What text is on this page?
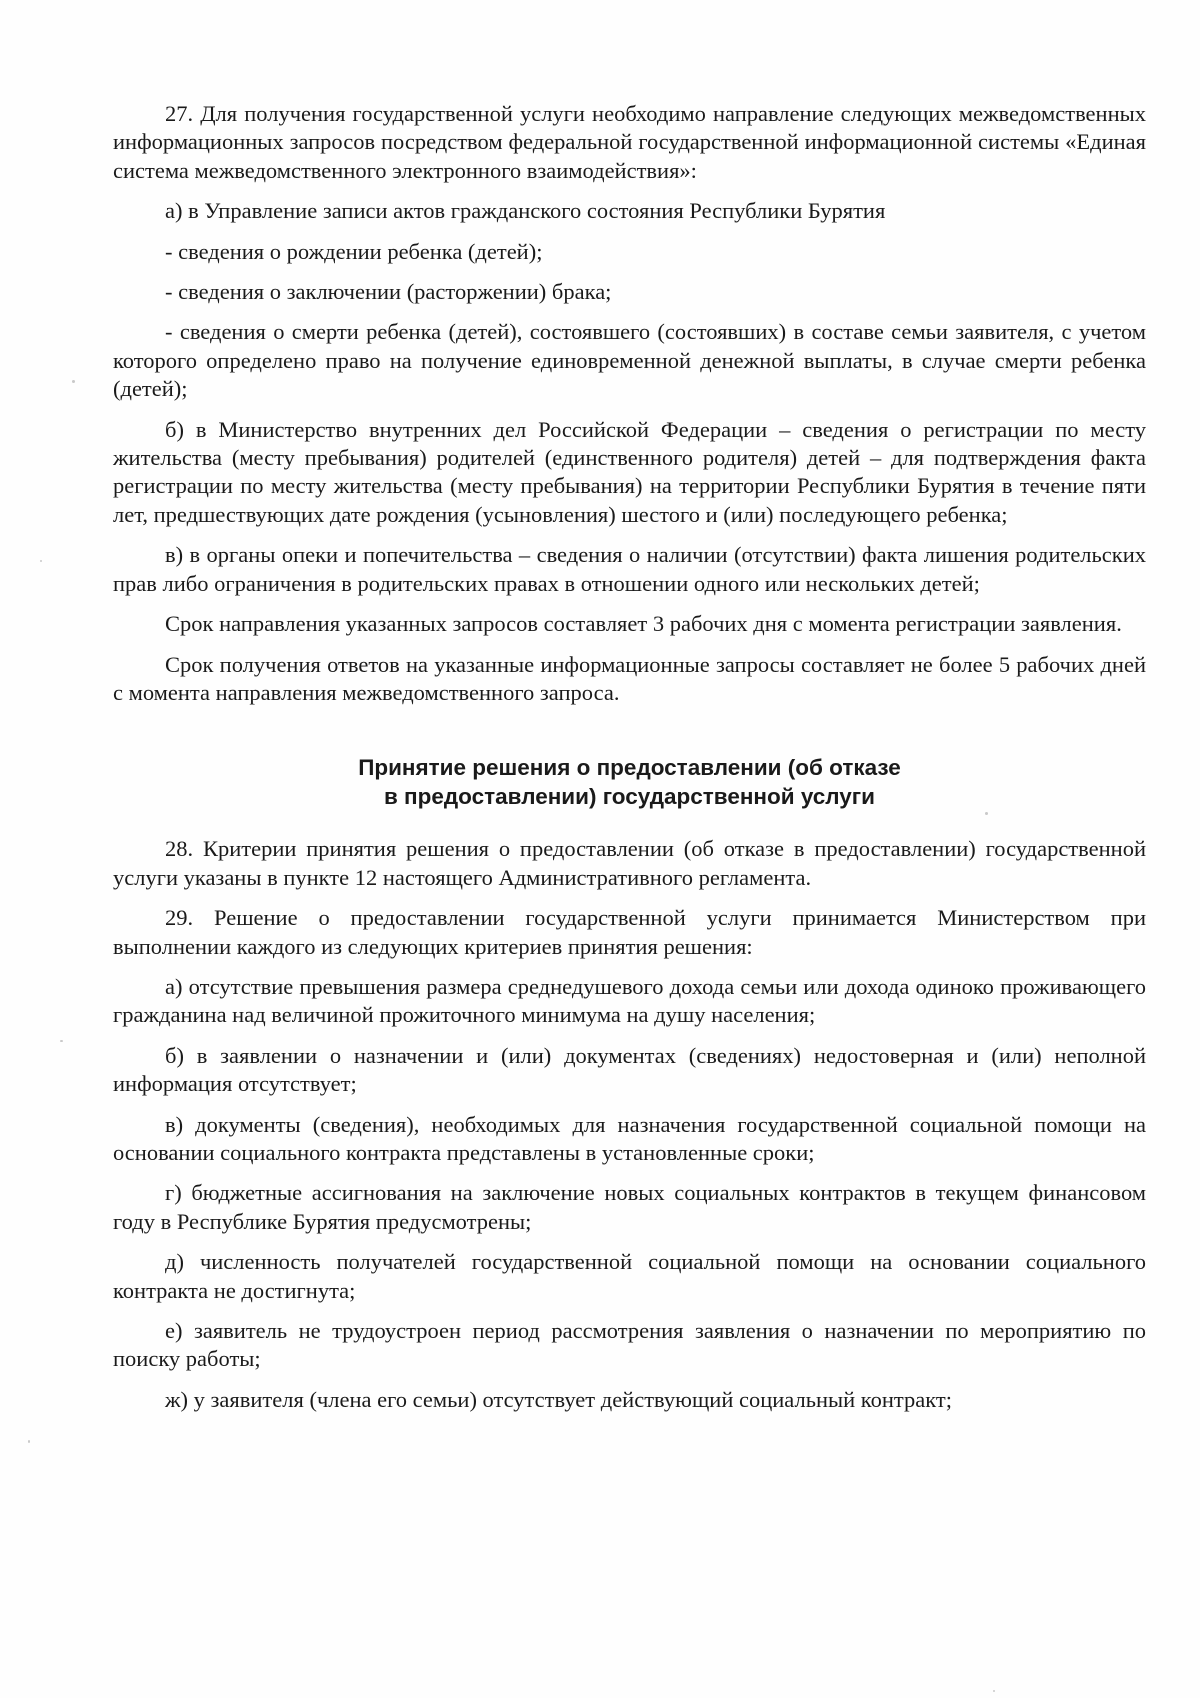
27. Для получения государственной услуги необходимо направление следующих межведомственных информационных запросов посредством федеральной государственной информационной системы «Единая система межведомственного электронного взаимодействия»:

а) в Управление записи актов гражданского состояния Республики Бурятия

- сведения о рождении ребенка (детей);

- сведения о заключении (расторжении) брака;

- сведения о смерти ребенка (детей), состоявшего (состоявших) в составе семьи заявителя, с учетом которого определено право на получение единовременной денежной выплаты, в случае смерти ребенка (детей);

б) в Министерство внутренних дел Российской Федерации – сведения о регистрации по месту жительства (месту пребывания) родителей (единственного родителя) детей – для подтверждения факта регистрации по месту жительства (месту пребывания) на территории Республики Бурятия в течение пяти лет, предшествующих дате рождения (усыновления) шестого и (или) последующего ребенка;

в) в органы опеки и попечительства – сведения о наличии (отсутствии) факта лишения родительских прав либо ограничения в родительских правах в отношении одного или нескольких детей;

Срок направления указанных запросов составляет 3 рабочих дня с момента регистрации заявления.

Срок получения ответов на указанные информационные запросы составляет не более 5 рабочих дней с момента направления межведомственного запроса.

Принятие решения о предоставлении (об отказе
в предоставлении) государственной услуги

28. Критерии принятия решения о предоставлении (об отказе в предоставлении) государственной услуги указаны в пункте 12 настоящего Административного регламента.

29. Решение о предоставлении государственной услуги принимается Министерством при выполнении каждого из следующих критериев принятия решения:

а) отсутствие превышения размера среднедушевого дохода семьи или дохода одиноко проживающего гражданина над величиной прожиточного минимума на душу населения;

б) в заявлении о назначении и (или) документах (сведениях) недостоверная и (или) неполной информация отсутствует;

в) документы (сведения), необходимых для назначения государственной социальной помощи на основании социального контракта представлены в установленные сроки;

г) бюджетные ассигнования на заключение новых социальных контрактов в текущем финансовом году в Республике Бурятия предусмотрены;

д) численность получателей государственной социальной помощи на основании социального контракта не достигнута;

е) заявитель не трудоустроен период рассмотрения заявления о назначении по мероприятию по поиску работы;

ж) у заявителя (члена его семьи) отсутствует действующий социальный контракт;
